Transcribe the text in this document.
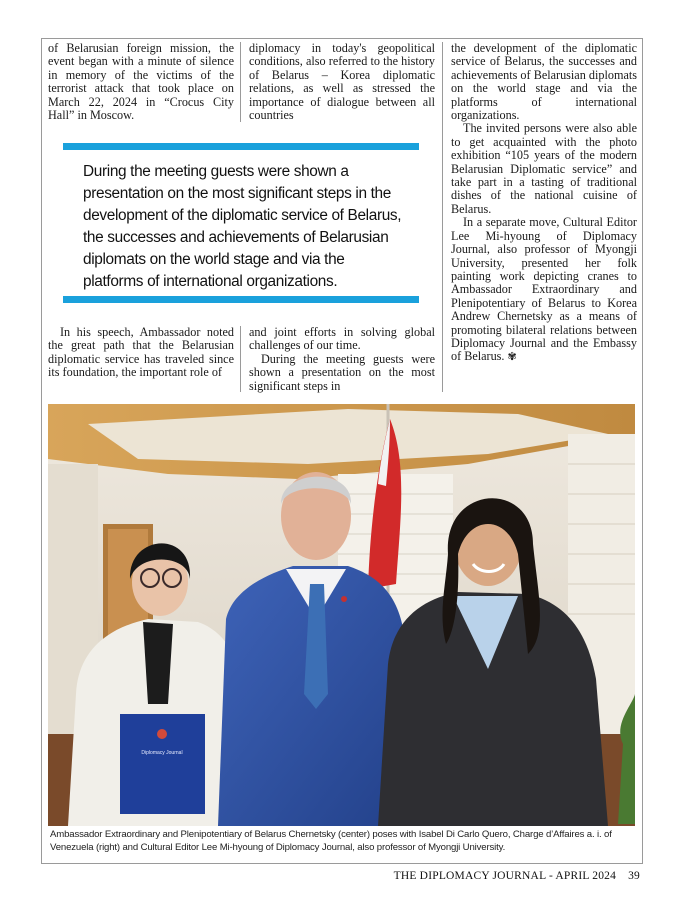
of Belarusian foreign mission, the event began with a minute of silence in memory of the victims of the terrorist attack that took place on March 22, 2024 in “Crocus City Hall” in Moscow.

diplomacy in today's geopolitical conditions, also referred to the history of Belarus – Korea diplomatic relations, as well as stressed the importance of dialogue between all countries

the development of the diplomatic service of Belarus, the successes and achievements of Belarusian diplomats on the world stage and via the platforms of international organizations.

The invited persons were also able to get acquainted with the photo exhibition “105 years of the modern Belarusian Diplomatic service” and take part in a tasting of traditional dishes of the national cuisine of Belarus.

In a separate move, Cultural Editor Lee Mi-hyoung of Diplomacy Journal, also professor of Myongji University, presented her folk painting work depicting cranes to Ambassador Extraordinary and Plenipotentiary of Belarus to Korea Andrew Chernetsky as a means of promoting bilateral relations between Diplomacy Journal and the Embassy of Belarus. ✾

During the meeting guests were shown a presentation on the most significant steps in the development of the diplomatic service of Belarus, the successes and achievements of Belarusian diplomats on the world stage and via the platforms of international organizations.

In his speech, Ambassador noted the great path that the Belarusian diplomatic service has traveled since its foundation, the important role of

and joint efforts in solving global challenges of our time.

During the meeting guests were shown a presentation on the most significant steps in

Diplomacy Journal
Ambassador Extraordinary and Plenipotentiary of Belarus Chernetsky (center) poses with Isabel Di Carlo Quero, Charge d’Affaires a. i. of Venezuela (right) and Cultural Editor Lee Mi-hyoung of Diplomacy Journal, also professor of Myongji University.
THE DIPLOMACY JOURNAL - APRIL 2024 39
